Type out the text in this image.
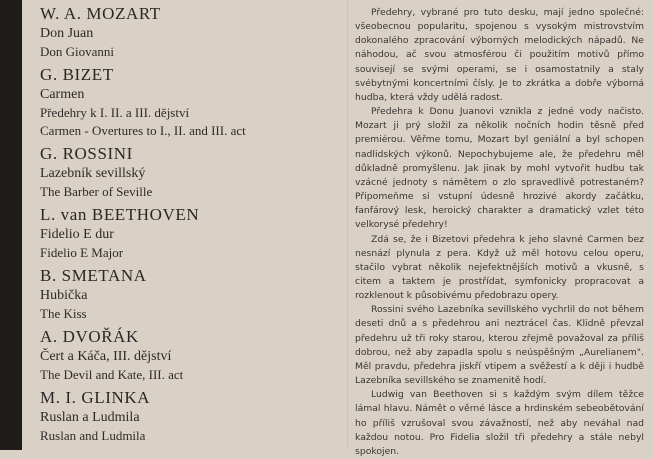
W. A. MOZART
Don Juan
Don Giovanni
G. BIZET
Carmen
Předehry k I. II. a III. dějství
Carmen - Overtures to I., II. and III. act
G. ROSSINI
Lazebník sevillský
The Barber of Seville
L. van BEETHOVEN
Fidelio E dur
Fidelio E Major
B. SMETANA
Hubička
The Kiss
A. DVOŘÁK
Čert a Káča, III. dějství
The Devil and Kate, III. act
M. I. GLINKA
Ruslan a Ludmila
Ruslan and Ludmila

Předehry, vybrané pro tuto desku, mají jedno společné: všeobecnou popularitu, spojenou s vysokým mistrovstvím dokonalého zpracování výborných melodických nápadů. Ne náhodou, ač svou atmosférou či použitím motivů přímo souvisejí se svými operami, se i osamostatnily a staly svébytnými koncertními čísly. Je to zkrátka a dobře výborná hudba, která vždy udělá radost.

Předehra k Donu Juanovi vznikla z jedné vody načisto. Mozart ji prý složil za několik nočních hodin těsně před premiérou. Věřme tomu, Mozart byl geniální a byl schopen nadlidských výkonů. Nepochybujeme ale, že předehru měl důkladně promyšlenu. Jak jinak by mohl vytvořit hudbu tak vzácné jednoty s námětem o zlo spravedlivě potrestaném? Připomeňme si vstupní údesně hrozivé akordy začátku, fanfárový lesk, heroický charakter a dramatický vzlet této velkorysé předehry!

Zdá se, že i Bizetovi předehra k jeho slavné Carmen bez nesnází plynula z pera. Když už měl hotovu celou operu, stačilo vybrat několik nejefektnějších motivů a vkusně, s citem a taktem je prostřídat, symfonicky propracovat a rozklenout k působivému předobrazu opery.

Rossini svého Lazebníka sevillského vychrlil do not během deseti dnů a s předehrou ani neztrácel čas. Klidně převzal předehru už tři roky starou, kterou zřejmě považoval za příliš dobrou, než aby zapadla spolu s neúspěšným „Aurelianem". Měl pravdu, předehra jiskří vtipem a svěžestí a k ději i hudbě Lazebníka sevillského se znamenitě hodí.

Ludwig van Beethoven si s každým svým dílem těžce lámal hlavu. Námět o věrné lásce a hrdinském sebeobětování ho příliš vzrušoval svou závažností, než aby neváhal nad každou notou. Pro Fidelia složil tři předehry a stále nebyl spokojen.
